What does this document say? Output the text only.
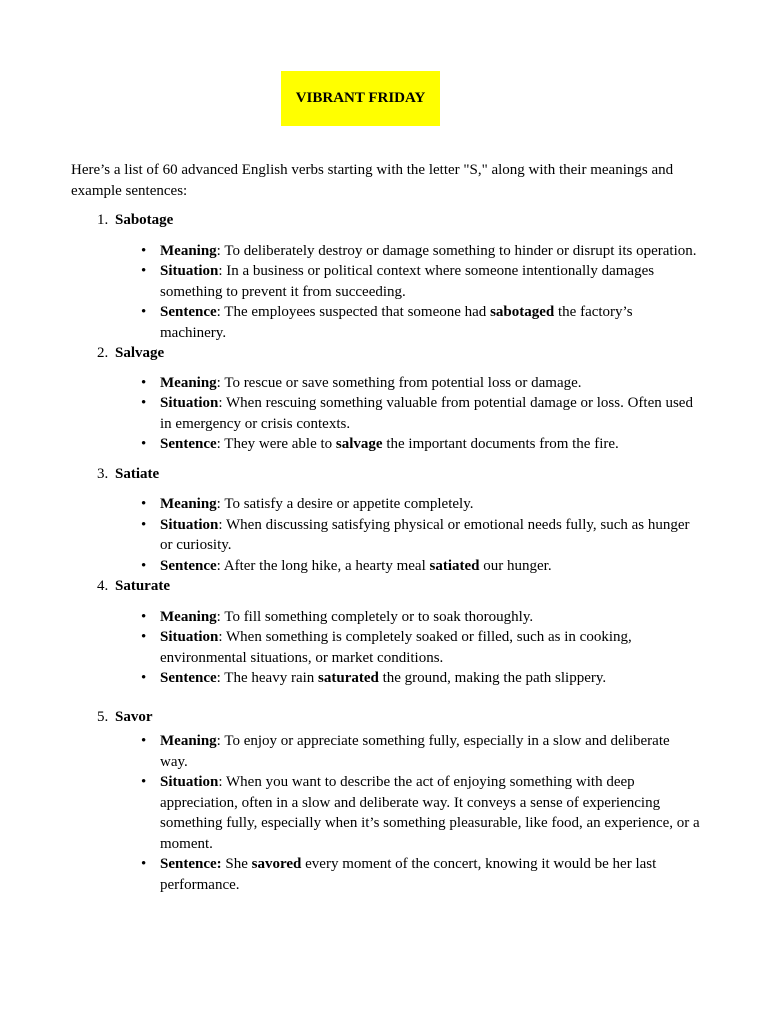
VIBRANT FRIDAY
Here’s a list of 60 advanced English verbs starting with the letter "S," along with their meanings and example sentences:
1. Sabotage
• Meaning: To deliberately destroy or damage something to hinder or disrupt its operation.
• Situation: In a business or political context where someone intentionally damages something to prevent it from succeeding.
• Sentence: The employees suspected that someone had sabotaged the factory’s machinery.
2. Salvage
• Meaning: To rescue or save something from potential loss or damage.
• Situation: When rescuing something valuable from potential damage or loss. Often used in emergency or crisis contexts.
• Sentence: They were able to salvage the important documents from the fire.
3. Satiate
• Meaning: To satisfy a desire or appetite completely.
• Situation: When discussing satisfying physical or emotional needs fully, such as hunger or curiosity.
• Sentence: After the long hike, a hearty meal satiated our hunger.
4. Saturate
• Meaning: To fill something completely or to soak thoroughly.
• Situation: When something is completely soaked or filled, such as in cooking, environmental situations, or market conditions.
• Sentence: The heavy rain saturated the ground, making the path slippery.
5. Savor
• Meaning: To enjoy or appreciate something fully, especially in a slow and deliberate way.
• Situation: When you want to describe the act of enjoying something with deep appreciation, often in a slow and deliberate way. It conveys a sense of experiencing something fully, especially when it’s something pleasurable, like food, an experience, or a moment.
• Sentence: She savored every moment of the concert, knowing it would be her last performance.
